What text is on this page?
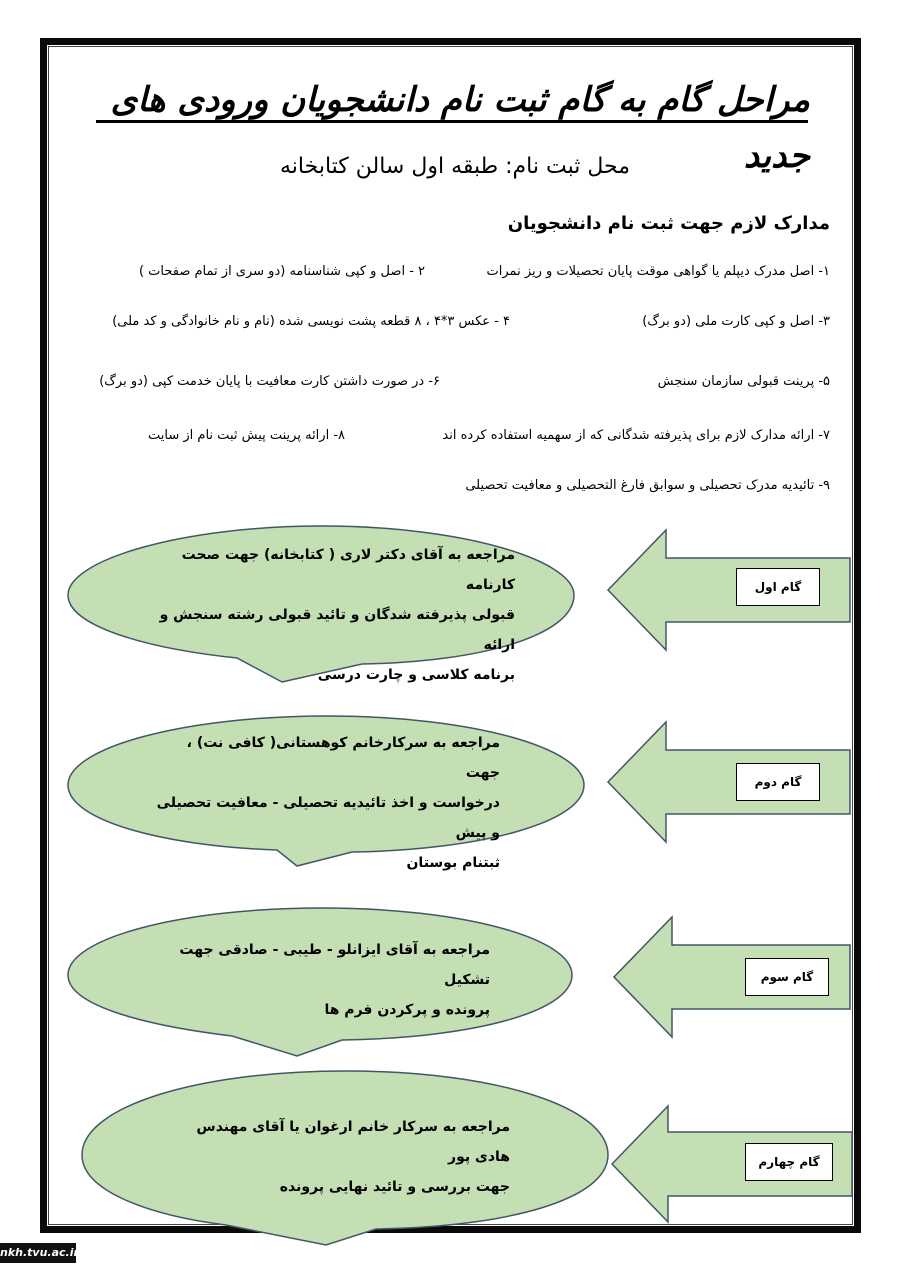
مراحل گام به گام ثبت نام دانشجویان ورودی های جدید
محل ثبت نام: طبقه اول سالن کتابخانه
مدارک لازم جهت ثبت نام دانشجویان
۱- اصل مدرک دیپلم یا گواهی موقت پایان تحصیلات و ریز نمرات
۲ - اصل و کپی شناسنامه (دو سری از تمام صفحات )
۳- اصل و کپی کارت ملی (دو برگ)
۴ - عکس ۳*۴ ، ۸ قطعه پشت نویسی شده (نام و نام خانوادگی و کد ملی)
۵- پرینت قبولی سازمان سنجش
۶- در صورت داشتن کارت معافیت با پایان خدمت کپی (دو برگ)
۷- ارائه مدارک لازم برای پذیرفته شدگانی که از سهمیه استفاده کرده اند
۸- ارائه پرینت پیش ثبت نام از سایت
۹- تائیدیه مدرک تحصیلی و سوابق فارغ التحصیلی و معافیت تحصیلی
مراجعه به آقای دکتر لاری ( کتابخانه) جهت صحت کارنامه
قبولی پذیرفته شدگان و تائید قبولی رشته سنجش و ارائه
برنامه کلاسی و چارت درسی
گام اول
مراجعه به سرکارخانم کوهستانی( کافی نت) ، جهت
درخواست و اخذ تائیدیه تحصیلی - معافیت تحصیلی و پیش
ثبتنام بوستان
گام دوم
مراجعه به آقای ایزانلو - طیبی - صادقی جهت تشکیل
پرونده و پرکردن فرم ها
گام سوم
مراجعه به سرکار خانم ارغوان یا آقای مهندس هادی پور
جهت بررسی و تائید نهایی پرونده
گام چهارم
nkh.tvu.ac.ir
